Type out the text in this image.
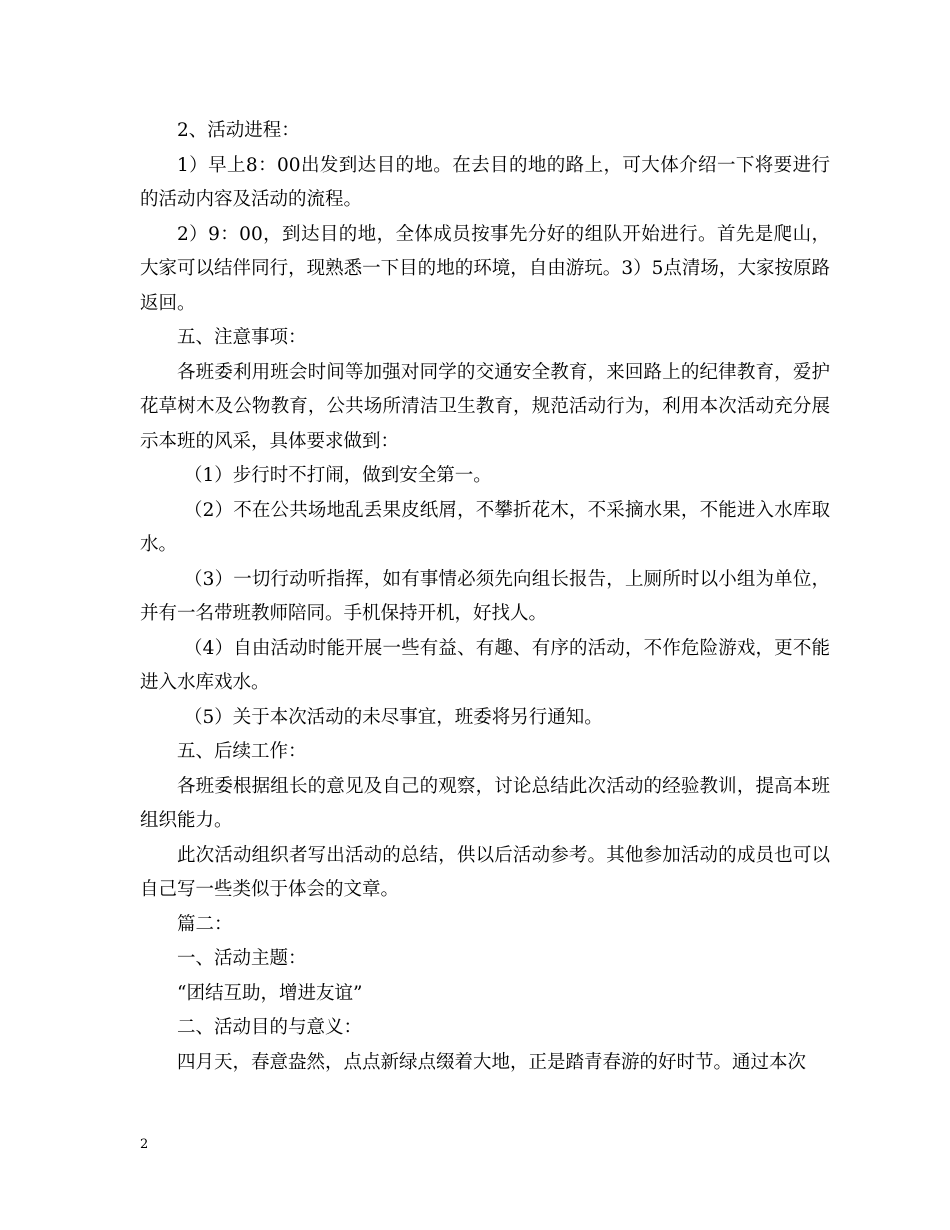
2、活动进程：

1）早上8：00出发到达目的地。在去目的地的路上，可大体介绍一下将要进行的活动内容及活动的流程。

2）9：00，到达目的地，全体成员按事先分好的组队开始进行。首先是爬山，大家可以结伴同行，现熟悉一下目的地的环境，自由游玩。3）5点清场，大家按原路返回。

五、注意事项：

各班委利用班会时间等加强对同学的交通安全教育，来回路上的纪律教育，爱护花草树木及公物教育，公共场所清洁卫生教育，规范活动行为，利用本次活动充分展示本班的风采，具体要求做到：

（1）步行时不打闹，做到安全第一。

（2）不在公共场地乱丢果皮纸屑，不攀折花木，不采摘水果，不能进入水库取水。

（3）一切行动听指挥，如有事情必须先向组长报告，上厕所时以小组为单位，并有一名带班教师陪同。手机保持开机，好找人。

（4）自由活动时能开展一些有益、有趣、有序的活动，不作危险游戏，更不能进入水库戏水。

（5）关于本次活动的未尽事宜，班委将另行通知。

五、后续工作：

各班委根据组长的意见及自己的观察，讨论总结此次活动的经验教训，提高本班组织能力。

此次活动组织者写出活动的总结，供以后活动参考。其他参加活动的成员也可以自己写一些类似于体会的文章。

篇二：

一、活动主题：

“团结互助，增进友谊”

二、活动目的与意义：

四月天，春意盎然，点点新绿点缀着大地，正是踏青春游的好时节。通过本次

2
